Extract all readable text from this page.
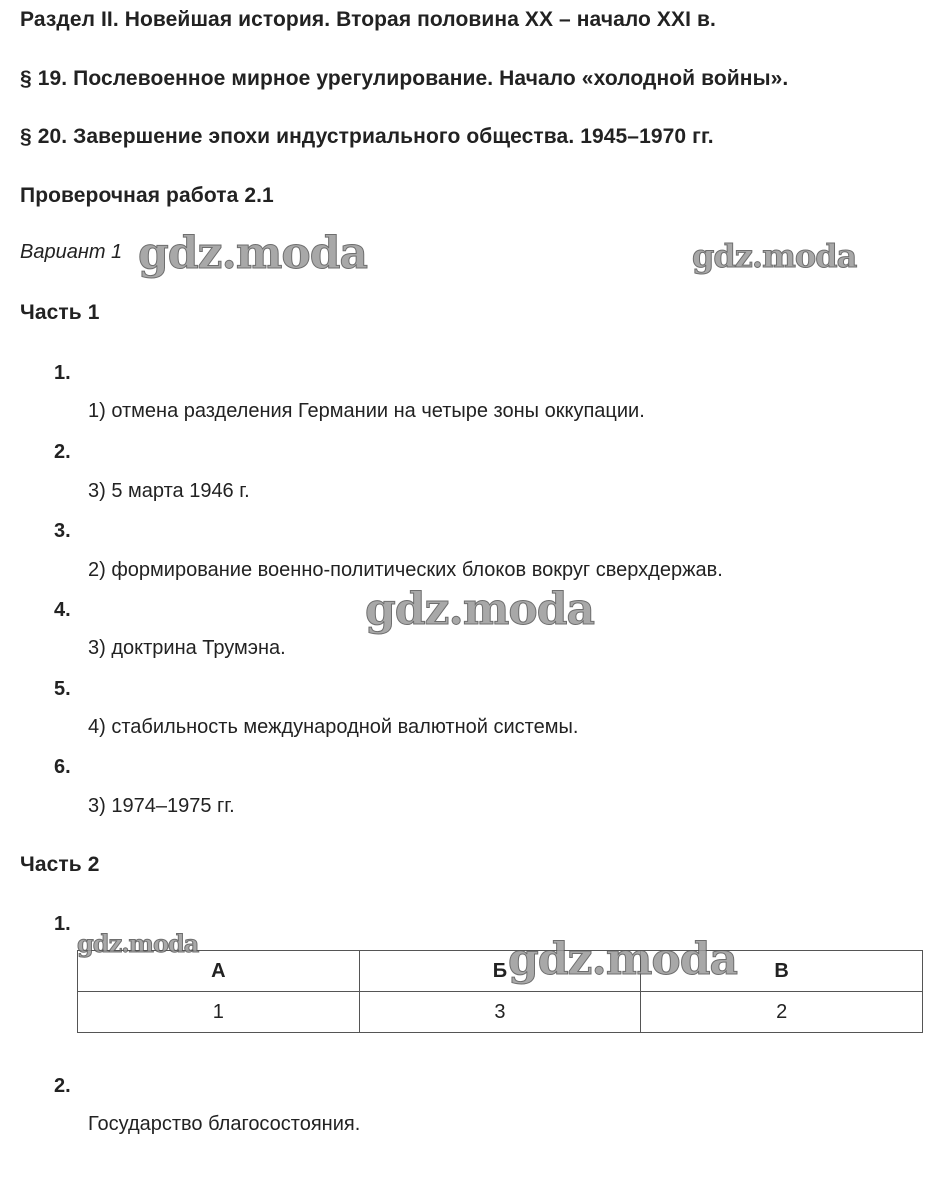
Раздел II. Новейшая история. Вторая половина XX – начало XXI в.
§ 19. Послевоенное мирное урегулирование. Начало «холодной войны».
§ 20. Завершение эпохи индустриального общества. 1945–1970 гг.
Проверочная работа 2.1
Вариант 1
Часть 1
1.
1) отмена разделения Германии на четыре зоны оккупации.
2.
3) 5 марта 1946 г.
3.
2) формирование военно-политических блоков вокруг сверхдержав.
4.
3) доктрина Трумэна.
5.
4) стабильность международной валютной системы.
6.
3) 1974–1975 гг.
Часть 2
1.
А	Б	В
1	3	2
2.
Государство благосостояния.
gdz.moda	gdz.moda
gdz.moda
gdz.moda	gdz.moda
